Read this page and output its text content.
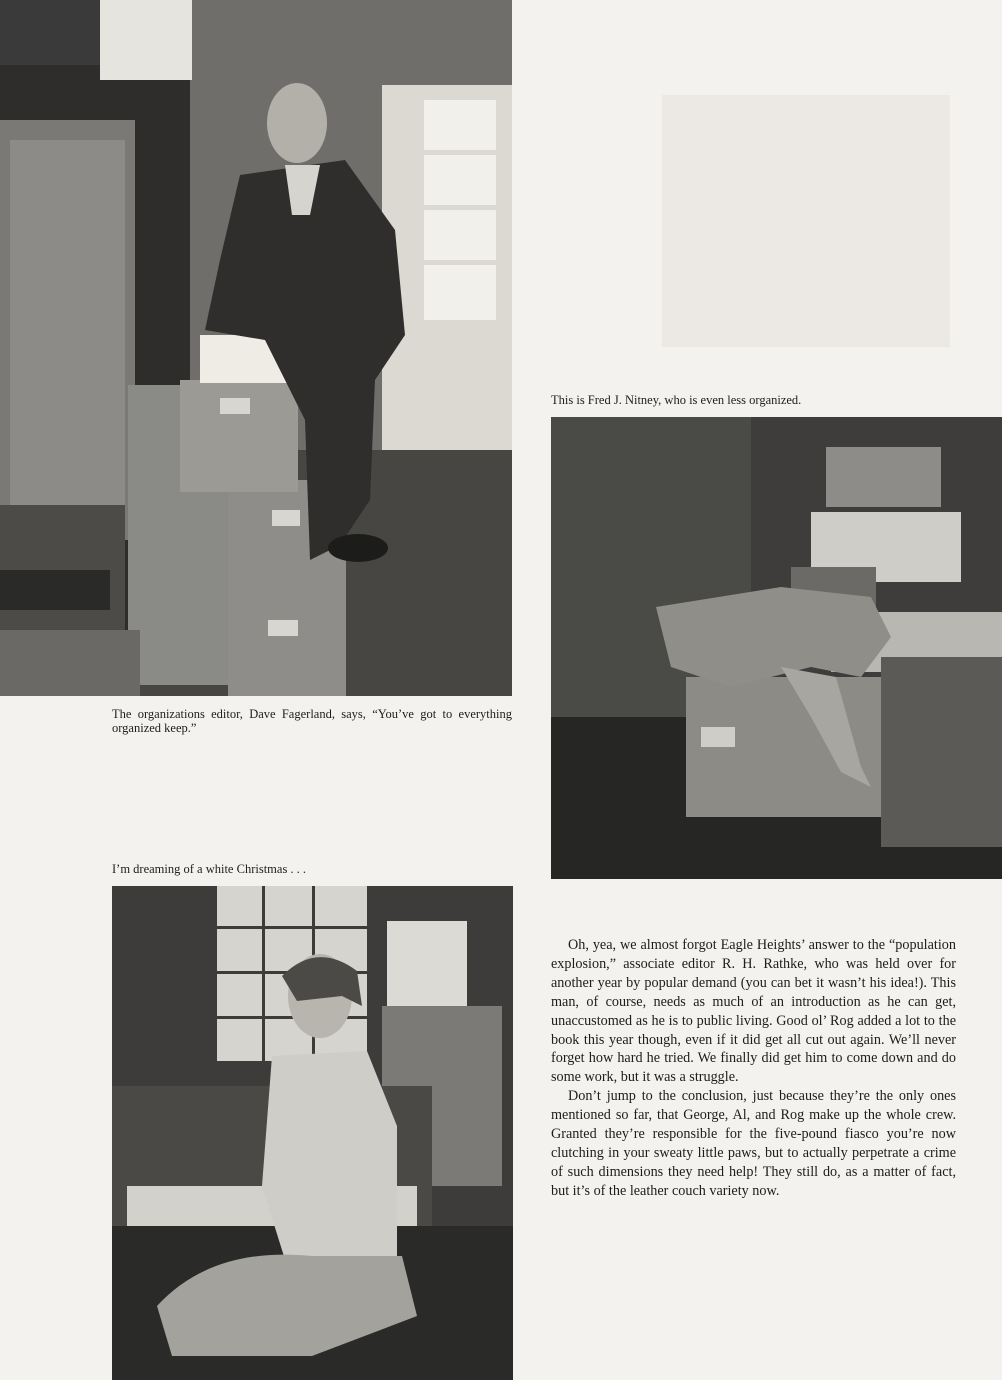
The organizations editor, Dave Fagerland, says, “You’ve got to everything organized keep.”

This is Fred J. Nitney, who is even less organized.

I’m dreaming of a white Christmas . . .

Oh, yea, we almost forgot Eagle Heights’ answer to the “population explosion,” associate editor R. H. Rathke, who was held over for another year by popular demand (you can bet it wasn’t his idea!). This man, of course, needs as much of an introduction as he can get, unaccustomed as he is to public living. Good ol’ Rog added a lot to the book this year though, even if it did get all cut out again. We’ll never forget how hard he tried. We finally did get him to come down and do some work, but it was a struggle.

Don’t jump to the conclusion, just because they’re the only ones mentioned so far, that George, Al, and Rog make up the whole crew. Granted they’re responsible for the five-pound fiasco you’re now clutching in your sweaty little paws, but to actually perpetrate a crime of such dimensions they need help! They still do, as a matter of fact, but it’s of the leather couch variety now.
